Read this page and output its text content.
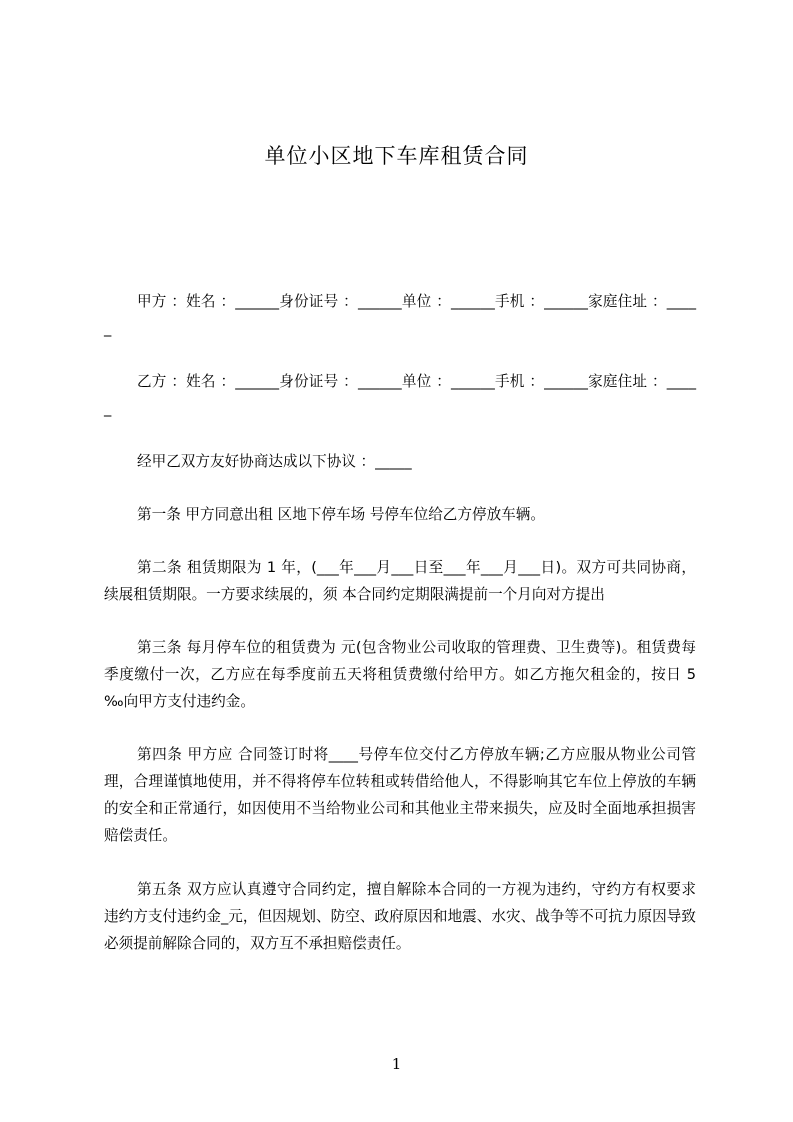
单位小区地下车库租赁合同
甲方 ：姓名 ：______身份证号 ：______单位 ：______手机 ：______家庭住址 ：_____
乙方 ：姓名 ：______身份证号 ：______单位 ：______手机 ：______家庭住址 ：_____
经甲乙双方友好协商达成以下协议 ：_____
第一条 甲方同意出租 区地下停车场 号停车位给乙方停放车辆。
第二条 租赁期限为 1 年，(___年___月___日至___年___月___日)。双方可共同协商，续展租赁期限。一方要求续展的，须 本合同约定期限满提前一个月向对方提出
第三条 每月停车位的租赁费为 元(包含物业公司收取的管理费、卫生费等)。租赁费每季度缴付一次，乙方应在每季度前五天将租赁费缴付给甲方。如乙方拖欠租金的，按日 5 ‰向甲方支付违约金。
第四条 甲方应 合同签订时将____号停车位交付乙方停放车辆;乙方应服从物业公司管理，合理谨慎地使用，并不得将停车位转租或转借给他人，不得影响其它车位上停放的车辆的安全和正常通行，如因使用不当给物业公司和其他业主带来损失，应及时全面地承担损害赔偿责任。
第五条 双方应认真遵守合同约定，擅自解除本合同的一方视为违约，守约方有权要求违约方支付违约金_元，但因规划、防空、政府原因和地震、水灾、战争等不可抗力原因导致必须提前解除合同的，双方互不承担赔偿责任。
1
